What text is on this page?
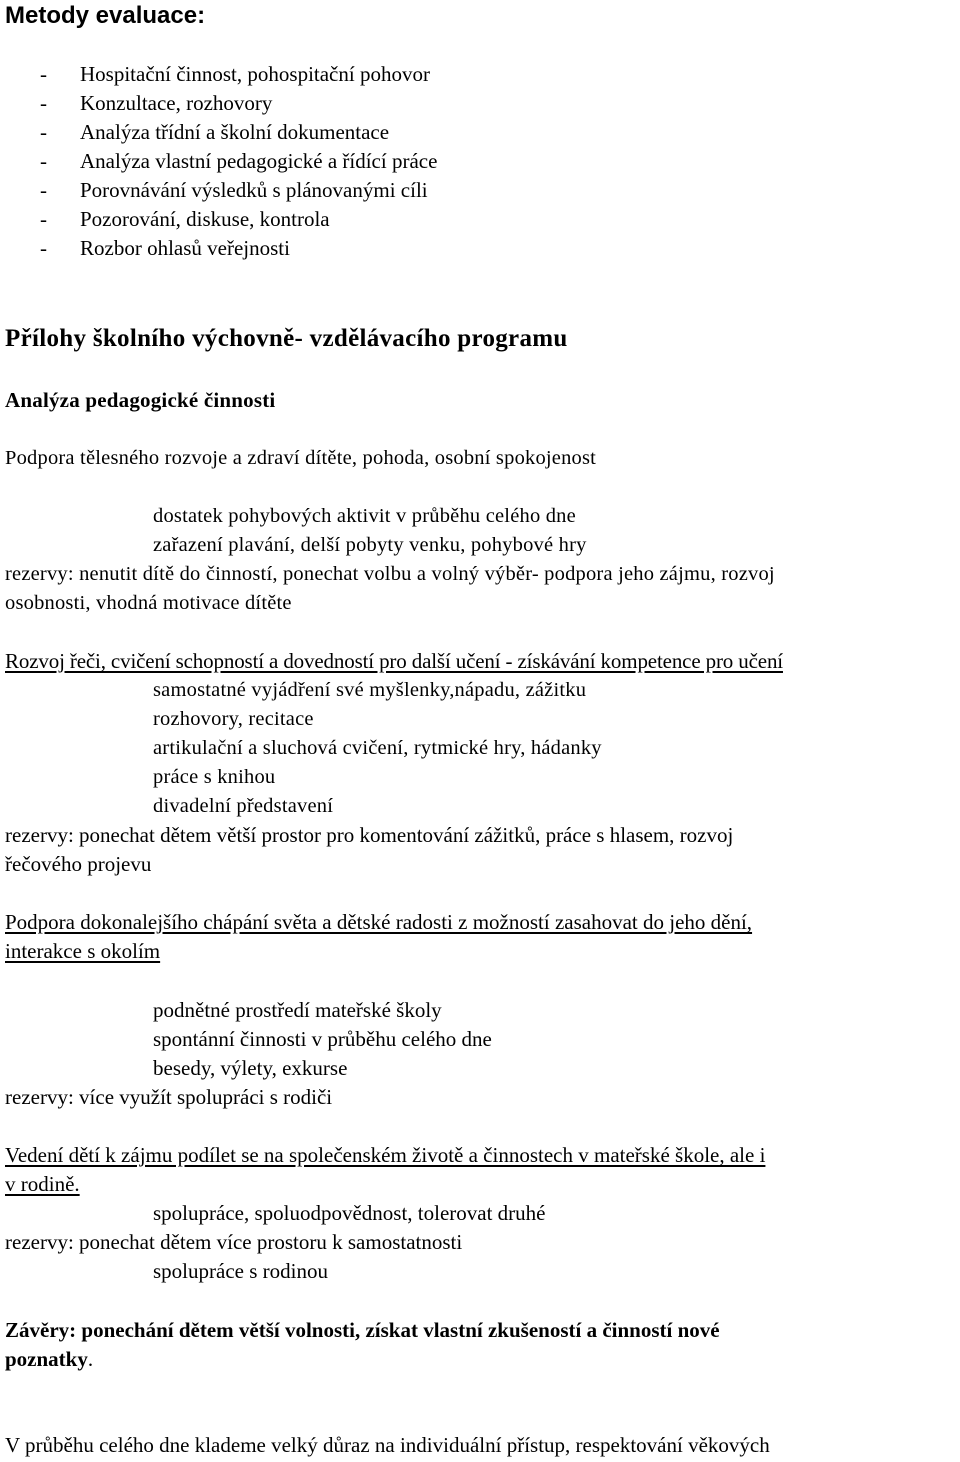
Metody evaluace:
- Hospitační činnost, pohospitační pohovor
- Konzultace, rozhovory
- Analýza třídní a školní dokumentace
- Analýza vlastní pedagogické a řídící práce
- Porovnávání výsledků s plánovanými cíli
- Pozorování, diskuse, kontrola
- Rozbor ohlasů veřejnosti
Přílohy školního výchovně- vzdělávacího programu
Analýza pedagogické činnosti
Podpora tělesného rozvoje a zdraví dítěte, pohoda, osobní spokojenost
dostatek pohybových aktivit v průběhu celého dne
zařazení plavání, delší pobyty venku, pohybové hry
rezervy: nenutit dítě do činností, ponechat volbu a volný výběr- podpora jeho zájmu, rozvoj
osobnosti, vhodná motivace dítěte
Rozvoj řeči, cvičení schopností a dovedností pro další učení - získávání kompetence pro učení
samostatné vyjádření své myšlenky,nápadu, zážitku
rozhovory, recitace
artikulační a sluchová cvičení, rytmické hry, hádanky
práce s knihou
divadelní představení
rezervy: ponechat dětem větší prostor pro komentování zážitků, práce s hlasem, rozvoj
řečového projevu
Podpora dokonalejšího chápání světa a dětské radosti z možností zasahovat do jeho dění,
interakce s okolím
podnětné prostředí mateřské školy
spontánní činnosti v průběhu celého dne
besedy, výlety, exkurse
rezervy: více využít spolupráci s rodiči
Vedení dětí k zájmu podílet se na společenském životě a činnostech v mateřské škole, ale i
v rodině.
spolupráce, spoluodpovědnost, tolerovat druhé
rezervy: ponechat dětem více prostoru k samostatnosti
spolupráce s rodinou
Závěry: ponechání dětem větší volnosti, získat vlastní zkušeností a činností nové
poznatky.
V průběhu celého dne klademe velký důraz na individuální přístup, respektování věkových
